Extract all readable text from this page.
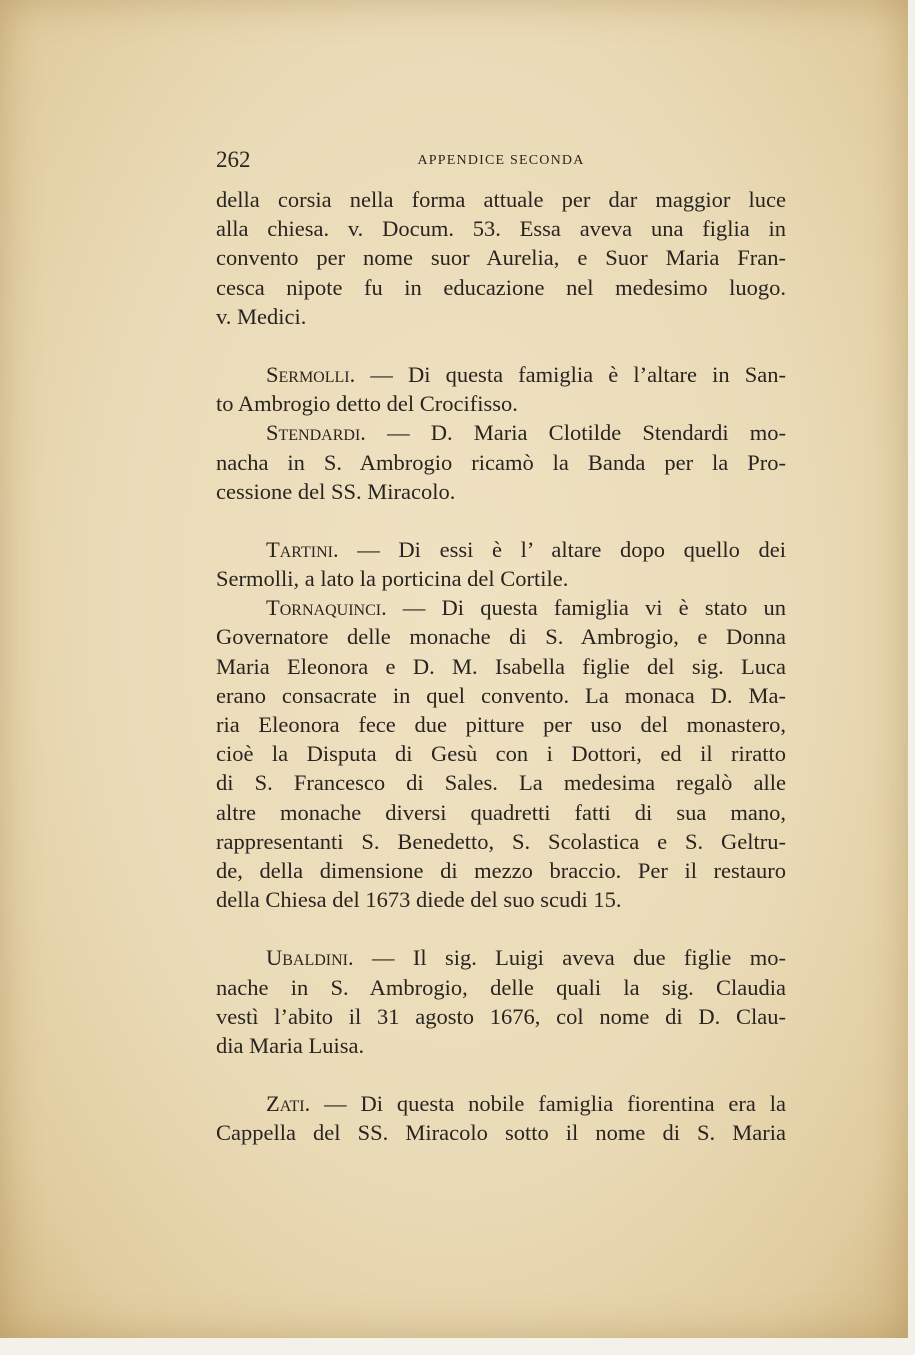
262	APPENDICE SECONDA
della corsia nella forma attuale per dar maggior luce
alla chiesa. v. Docum. 53. Essa aveva una figlia in
convento per nome suor Aurelia, e Suor Maria Fran-
cesca nipote fu in educazione nel medesimo luogo.
v. Medici.
Sermolli. — Di questa famiglia è l’altare in San-
to Ambrogio detto del Crocifisso.
Stendardi. — D. Maria Clotilde Stendardi mo-
nacha in S. Ambrogio ricamò la Banda per la Pro-
cessione del SS. Miracolo.
Tartini. — Di essi è l’ altare dopo quello dei
Sermolli, a lato la porticina del Cortile.
Tornaquinci. — Di questa famiglia vi è stato un
Governatore delle monache di S. Ambrogio, e Donna
Maria Eleonora e D. M. Isabella figlie del sig. Luca
erano consacrate in quel convento. La monaca D. Ma-
ria Eleonora fece due pitture per uso del monastero,
cioè la Disputa di Gesù con i Dottori, ed il riratto
di S. Francesco di Sales. La medesima regalò alle
altre monache diversi quadretti fatti di sua mano,
rappresentanti S. Benedetto, S. Scolastica e S. Geltru-
de, della dimensione di mezzo braccio. Per il restauro
della Chiesa del 1673 diede del suo scudi 15.
Ubaldini. — Il sig. Luigi aveva due figlie mo-
nache in S. Ambrogio, delle quali la sig. Claudia
vestì l’abito il 31 agosto 1676, col nome di D. Clau-
dia Maria Luisa.
Zati. — Di questa nobile famiglia fiorentina era la
Cappella del SS. Miracolo sotto il nome di S. Maria
